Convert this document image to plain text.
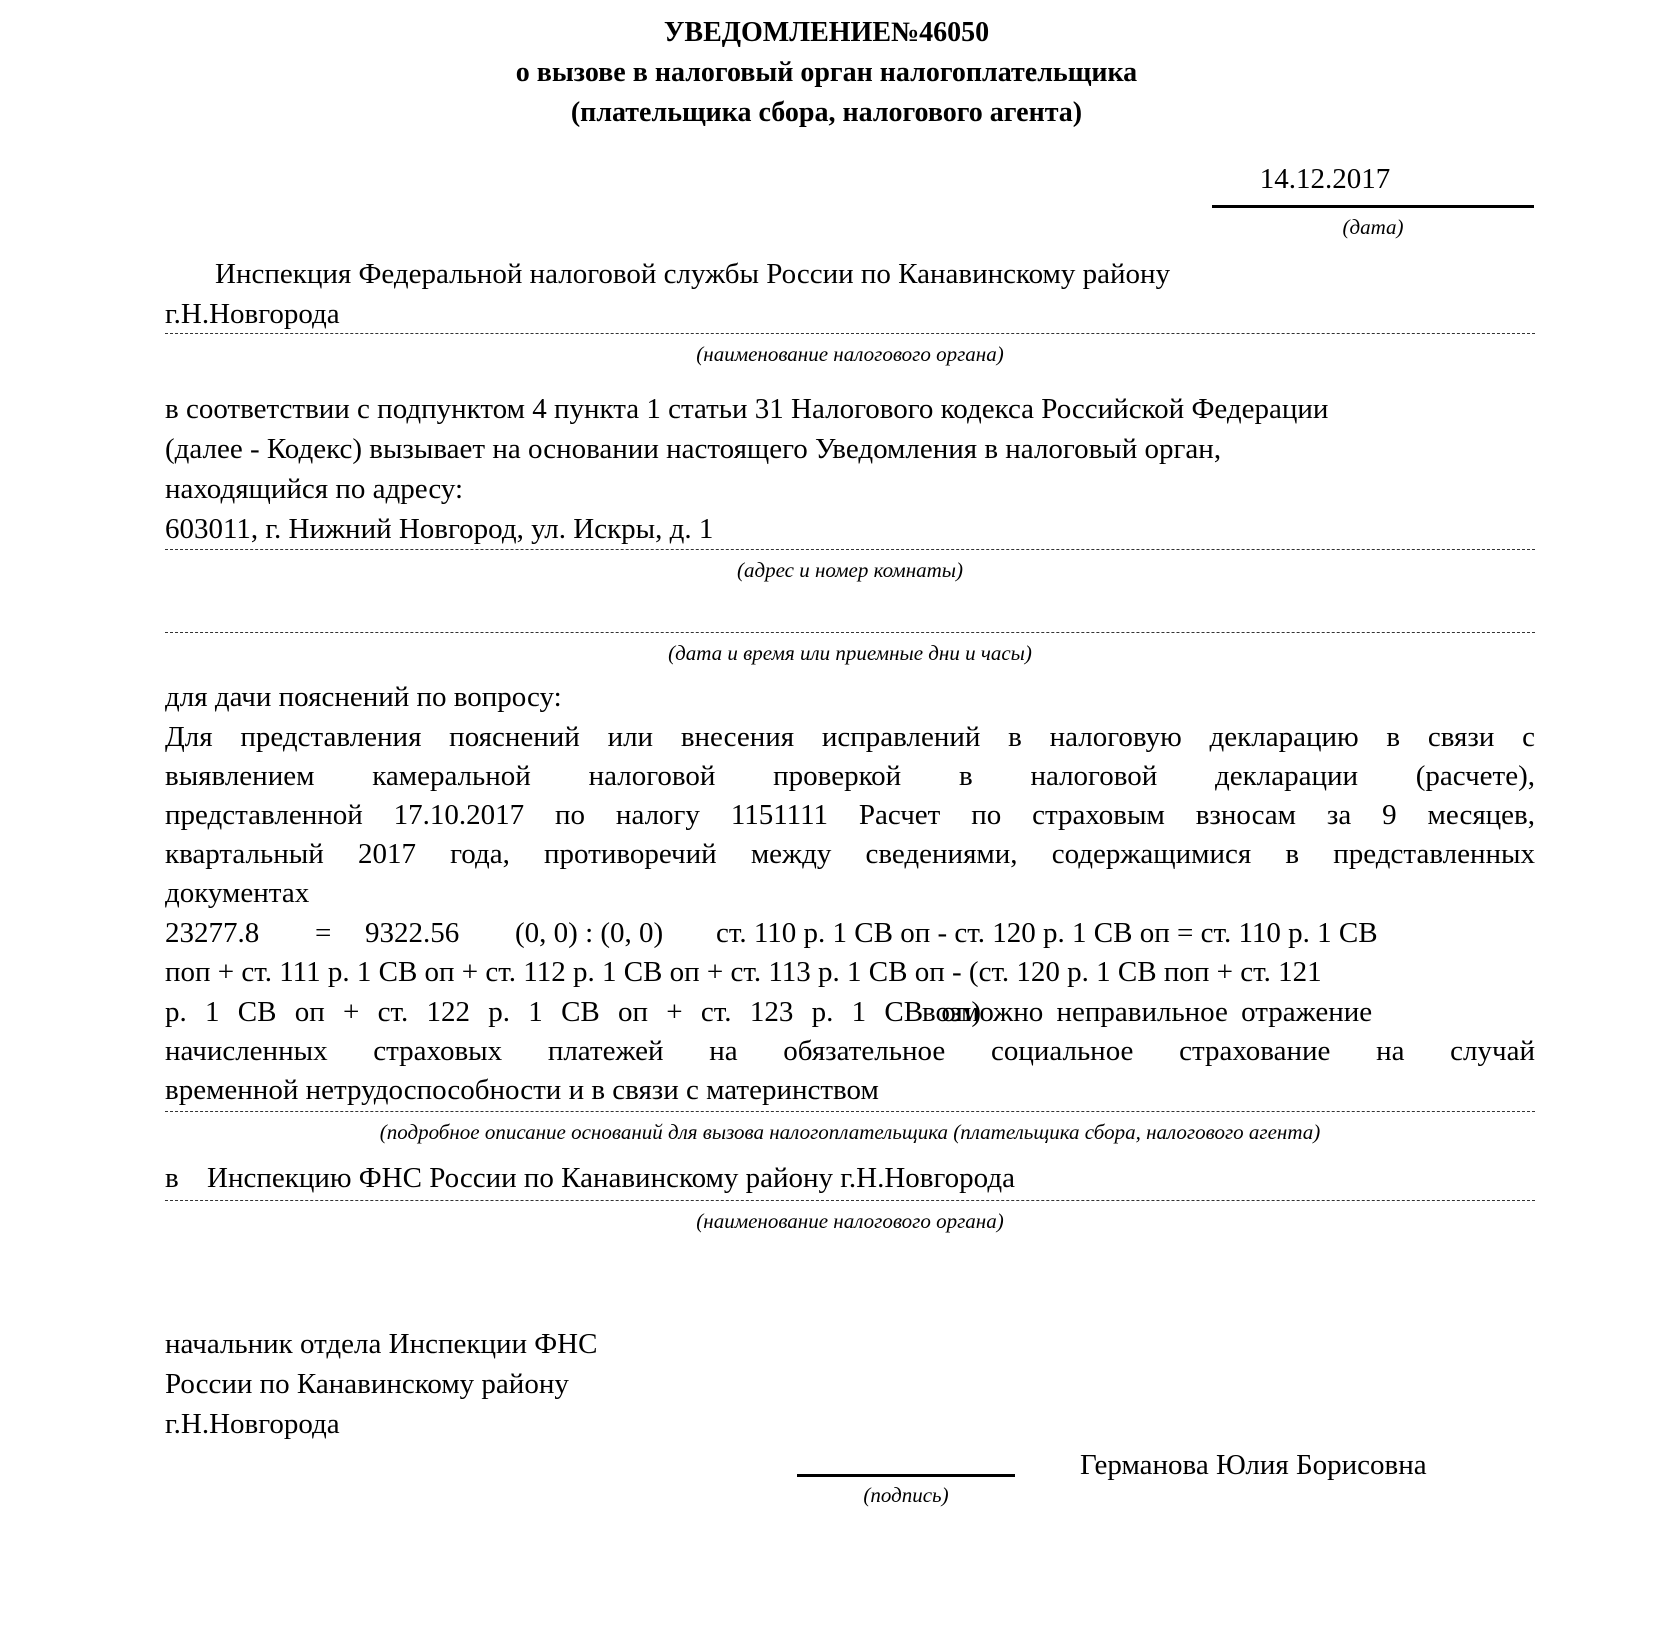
УВЕДОМЛЕНИЕ№46050
о вызове в налоговый орган налогоплательщика
(плательщика сбора, налогового агента)
14.12.2017
(дата)
Инспекция Федеральной налоговой службы России по Канавинскому району
г.Н.Новгорода
(наименование налогового органа)
в соответствии с подпунктом 4 пункта 1 статьи 31 Налогового кодекса Российской Федерации
(далее - Кодекс) вызывает на основании настоящего Уведомления в налоговый орган,
находящийся по адресу:
603011, г. Нижний Новгород, ул. Искры, д. 1
(адрес и номер комнаты)
(дата и время или приемные дни и часы)
для дачи пояснений по вопросу:
Для представления пояснений или внесения исправлений в налоговую декларацию в связи с
выявлением камеральной налоговой проверкой в налоговой декларации (расчете),
представленной 17.10.2017 по налогу 1151111 Расчет по страховым взносам за 9 месяцев,
квартальный 2017 года, противоречий между сведениями, содержащимися в представленных
документах
23277.8 = 9322.56 (0, 0) : (0, 0) ст. 110 р. 1 СВ оп - ст. 120 р. 1 СВ оп = ст. 110 р. 1 СВ
поп + ст. 111 р. 1 СВ оп + ст. 112 р. 1 СВ оп + ст. 113 р. 1 СВ оп - (ст. 120 р. 1 СВ поп + ст. 121
р. 1 СВ оп + ст. 122 р. 1 СВ оп + ст. 123 р. 1 СВ оп)
возможно неправильное отражение
начисленных страховых платежей на обязательное социальное страхование на случай
временной нетрудоспособности и в связи с материнством
(подробное описание оснований для вызова налогоплательщика (плательщика сбора, налогового агента)
в Инспекцию ФНС России по Канавинскому району г.Н.Новгорода
(наименование налогового органа)
начальник отдела Инспекции ФНС
России по Канавинскому району
г.Н.Новгорода
(подпись)
Германова Юлия Борисовна
